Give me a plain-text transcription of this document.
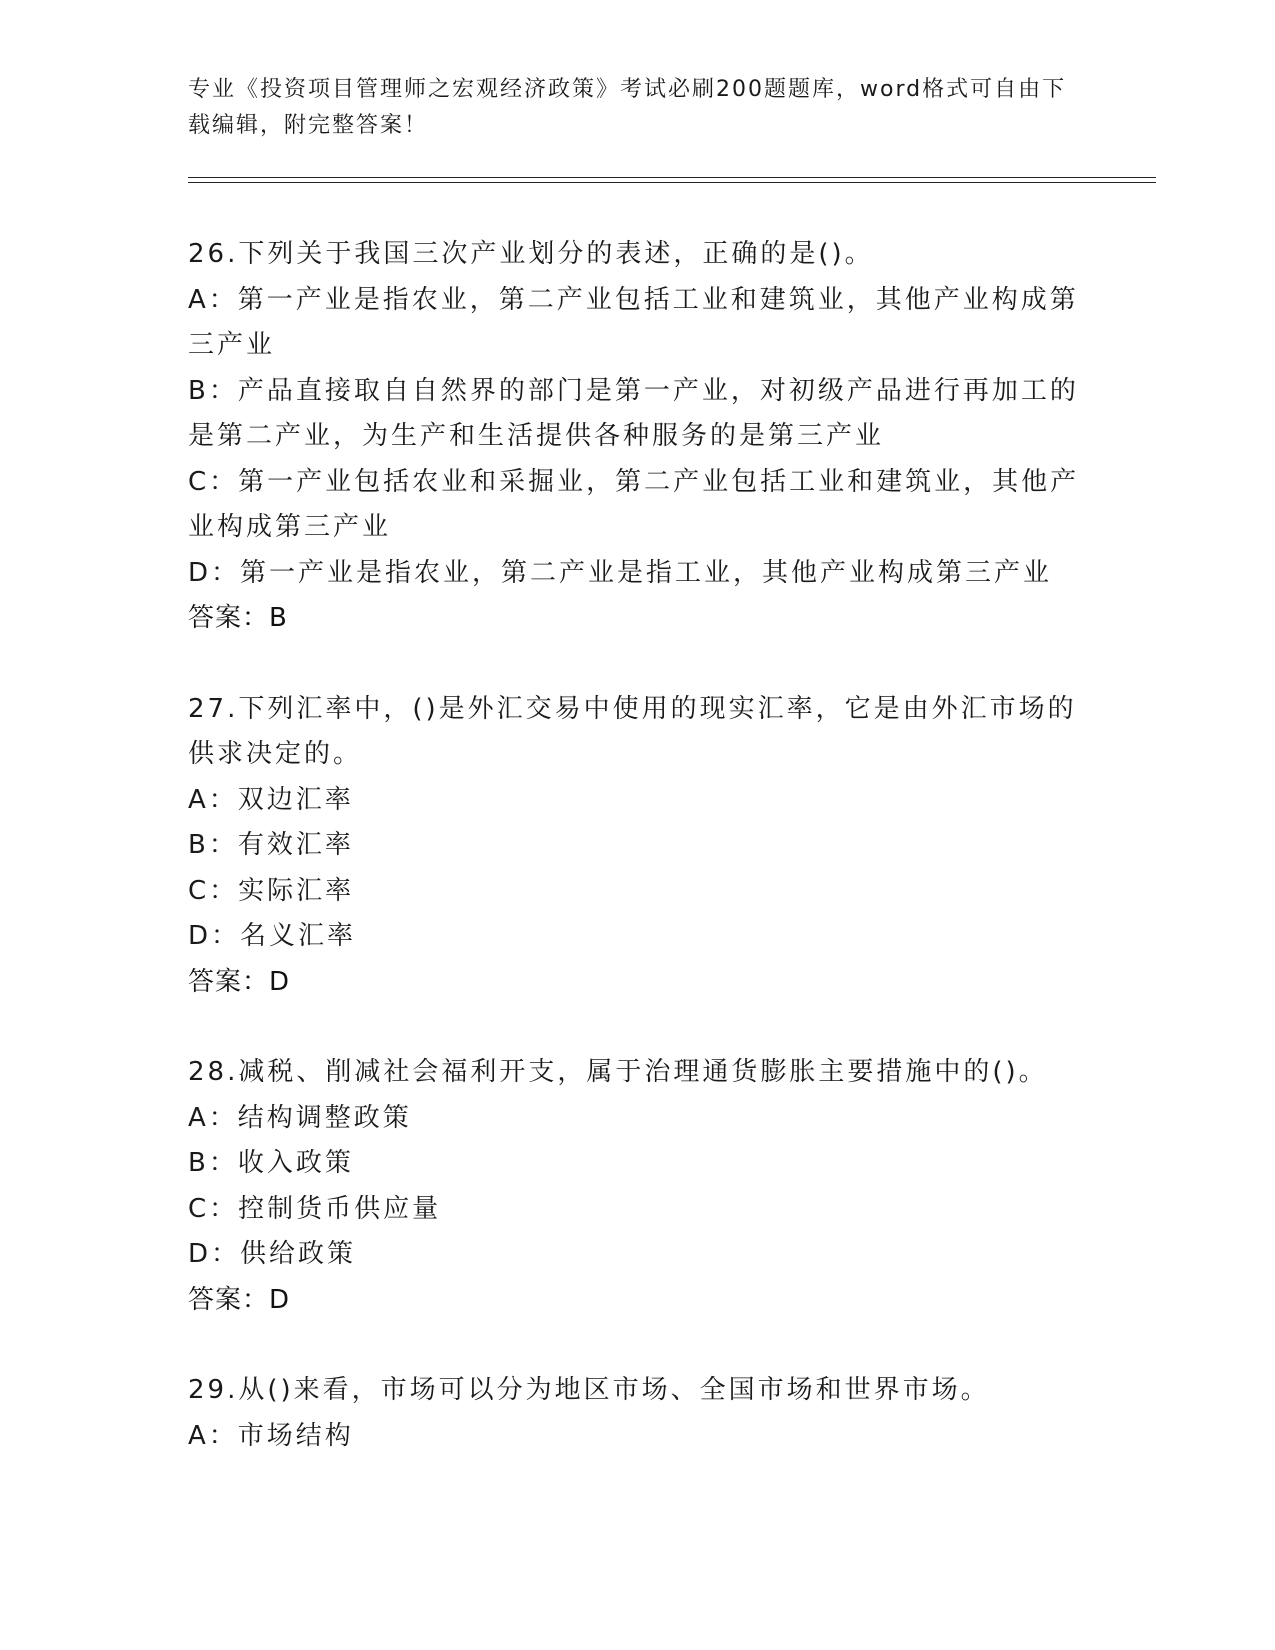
专业《投资项目管理师之宏观经济政策》考试必刷200题题库，word格式可自由下载编辑，附完整答案！

26.下列关于我国三次产业划分的表述，正确的是()。

A：第一产业是指农业，第二产业包括工业和建筑业，其他产业构成第三产业

B：产品直接取自自然界的部门是第一产业，对初级产品进行再加工的是第二产业，为生产和生活提供各种服务的是第三产业

C：第一产业包括农业和采掘业，第二产业包括工业和建筑业，其他产业构成第三产业

D：第一产业是指农业，第二产业是指工业，其他产业构成第三产业

答案：B

27.下列汇率中，()是外汇交易中使用的现实汇率，它是由外汇市场的供求决定的。

A：双边汇率

B：有效汇率

C：实际汇率

D：名义汇率

答案：D

28.减税、削减社会福利开支，属于治理通货膨胀主要措施中的()。

A：结构调整政策

B：收入政策

C：控制货币供应量

D：供给政策

答案：D

29.从()来看，市场可以分为地区市场、全国市场和世界市场。

A：市场结构
